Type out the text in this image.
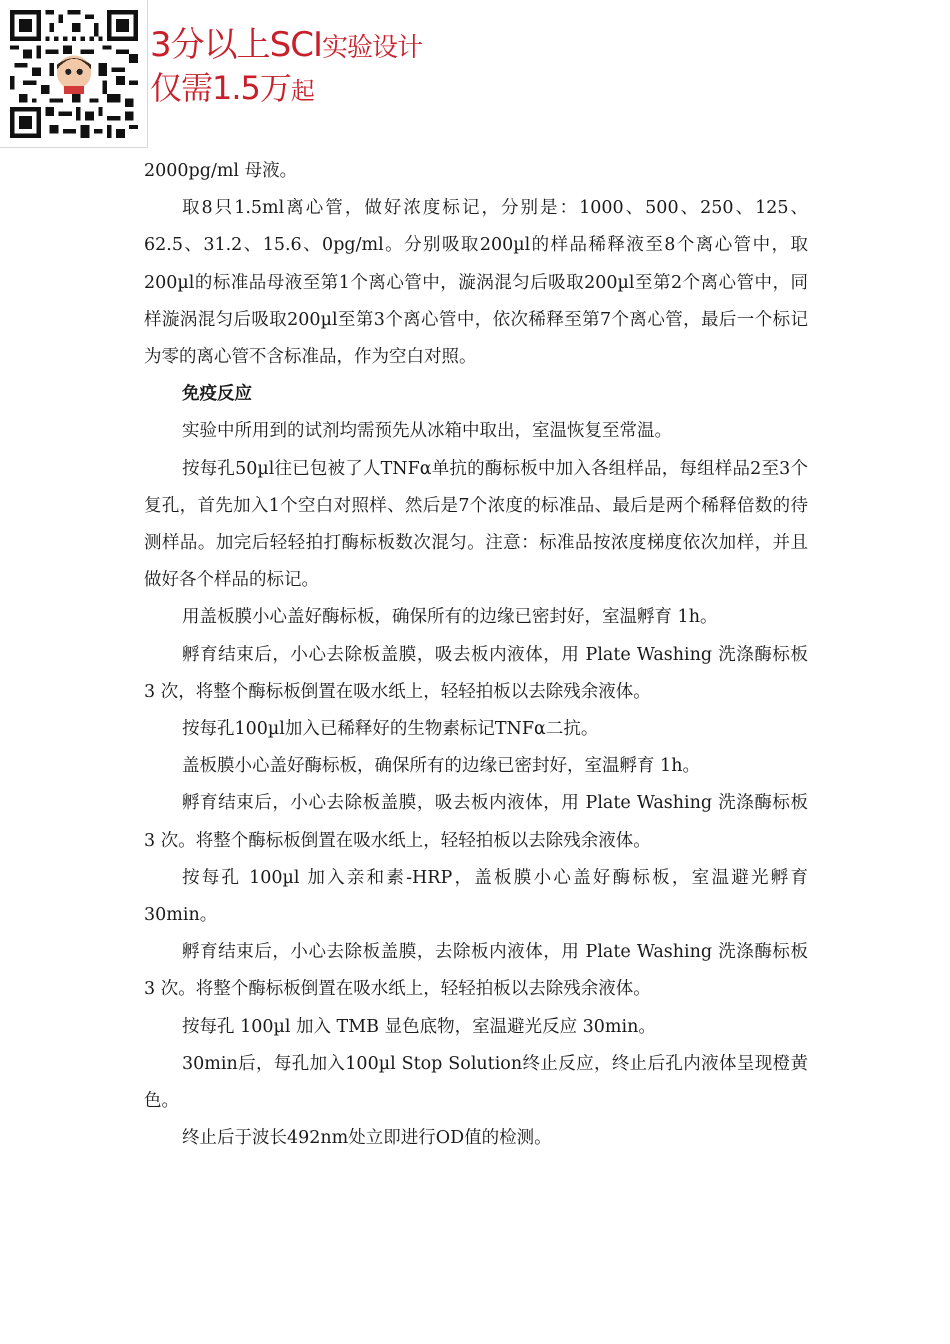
3分以上SCI实验设计
仅需1.5万起

2000pg/ml 母液。

取8只1.5ml离心管，做好浓度标记，分别是：1000、500、250、125、62.5、31.2、15.6、0pg/ml。分别吸取200µl的样品稀释液至8个离心管中，取200µl的标准品母液至第1个离心管中，漩涡混匀后吸取200µl至第2个离心管中，同样漩涡混匀后吸取200µl至第3个离心管中，依次稀释至第7个离心管，最后一个标记为零的离心管不含标准品，作为空白对照。

免疫反应

实验中所用到的试剂均需预先从冰箱中取出，室温恢复至常温。

按每孔50µl往已包被了人TNFα单抗的酶标板中加入各组样品，每组样品2至3个复孔，首先加入1个空白对照样、然后是7个浓度的标准品、最后是两个稀释倍数的待测样品。加完后轻轻拍打酶标板数次混匀。注意：标准品按浓度梯度依次加样，并且做好各个样品的标记。

用盖板膜小心盖好酶标板，确保所有的边缘已密封好，室温孵育 1h。

孵育结束后，小心去除板盖膜，吸去板内液体，用 Plate Washing 洗涤酶标板 3 次，将整个酶标板倒置在吸水纸上，轻轻拍板以去除残余液体。

按每孔100µl加入已稀释好的生物素标记TNFα二抗。

盖板膜小心盖好酶标板，确保所有的边缘已密封好，室温孵育 1h。

孵育结束后，小心去除板盖膜，吸去板内液体，用 Plate Washing 洗涤酶标板 3 次。将整个酶标板倒置在吸水纸上，轻轻拍板以去除残余液体。

按每孔 100µl 加入亲和素-HRP，盖板膜小心盖好酶标板，室温避光孵育30min。

孵育结束后，小心去除板盖膜，去除板内液体，用 Plate Washing 洗涤酶标板 3 次。将整个酶标板倒置在吸水纸上，轻轻拍板以去除残余液体。

按每孔 100µl 加入 TMB 显色底物，室温避光反应 30min。

30min后，每孔加入100µl Stop Solution终止反应，终止后孔内液体呈现橙黄色。

终止后于波长492nm处立即进行OD值的检测。
